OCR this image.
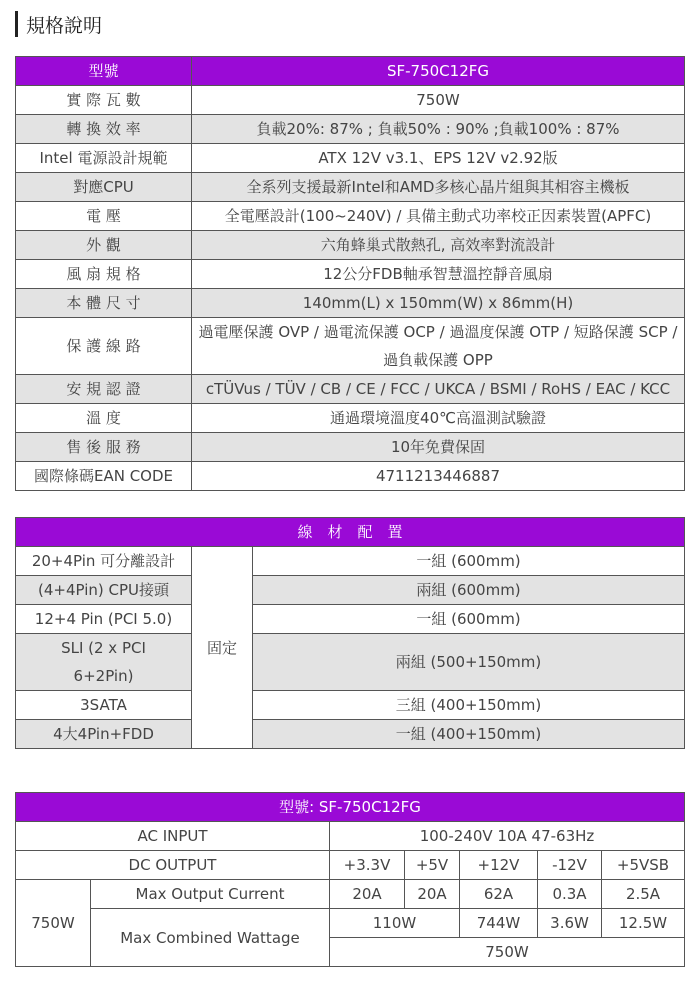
規格說明
型號	SF-750C12FG
實 際 瓦 數	750W
轉 換 效 率	負載20%: 87% ; 負載50% : 90% ;負載100% : 87%
Intel 電源設計規範	ATX 12V v3.1、EPS 12V v2.92版
對應CPU	全系列支援最新Intel和AMD多核心晶片組與其相容主機板
電 壓	全電壓設計(100~240V) / 具備主動式功率校正因素裝置(APFC)
外 觀	六角蜂巢式散熱孔, 高效率對流設計
風 扇 規 格	12公分FDB軸承智慧溫控靜音風扇
本 體 尺 寸	140mm(L) x 150mm(W) x 86mm(H)
保 護 線 路	過電壓保護 OVP / 過電流保護 OCP / 過溫度保護 OTP / 短路保護 SCP / 過負載保護 OPP
安 規 認 證	cTÜVus / TÜV / CB / CE / FCC / UKCA / BSMI / RoHS / EAC / KCC
溫 度	通過環境溫度40℃高溫測試驗證
售 後 服 務	10年免費保固
國際條碼EAN CODE	4711213446887
線　材　配　置		
20+4Pin 可分離設計	固定	一組 (600mm)
(4+4Pin) CPU接頭		兩組 (600mm)
12+4 Pin (PCI 5.0)		一組 (600mm)
SLI (2 x PCI 6+2Pin)		兩組 (500+150mm)
3SATA		三組 (400+150mm)
4大4Pin+FDD		一組 (400+150mm)
型號: SF-750C12FG						
AC INPUT		100-240V 10A 47-63Hz				
DC OUTPUT		+3.3V	+5V	+12V	-12V	+5VSB
750W	Max Output Current	20A	20A	62A	0.3A	2.5A
	Max Combined Wattage	110W		744W	3.6W	12.5W
		750W				
